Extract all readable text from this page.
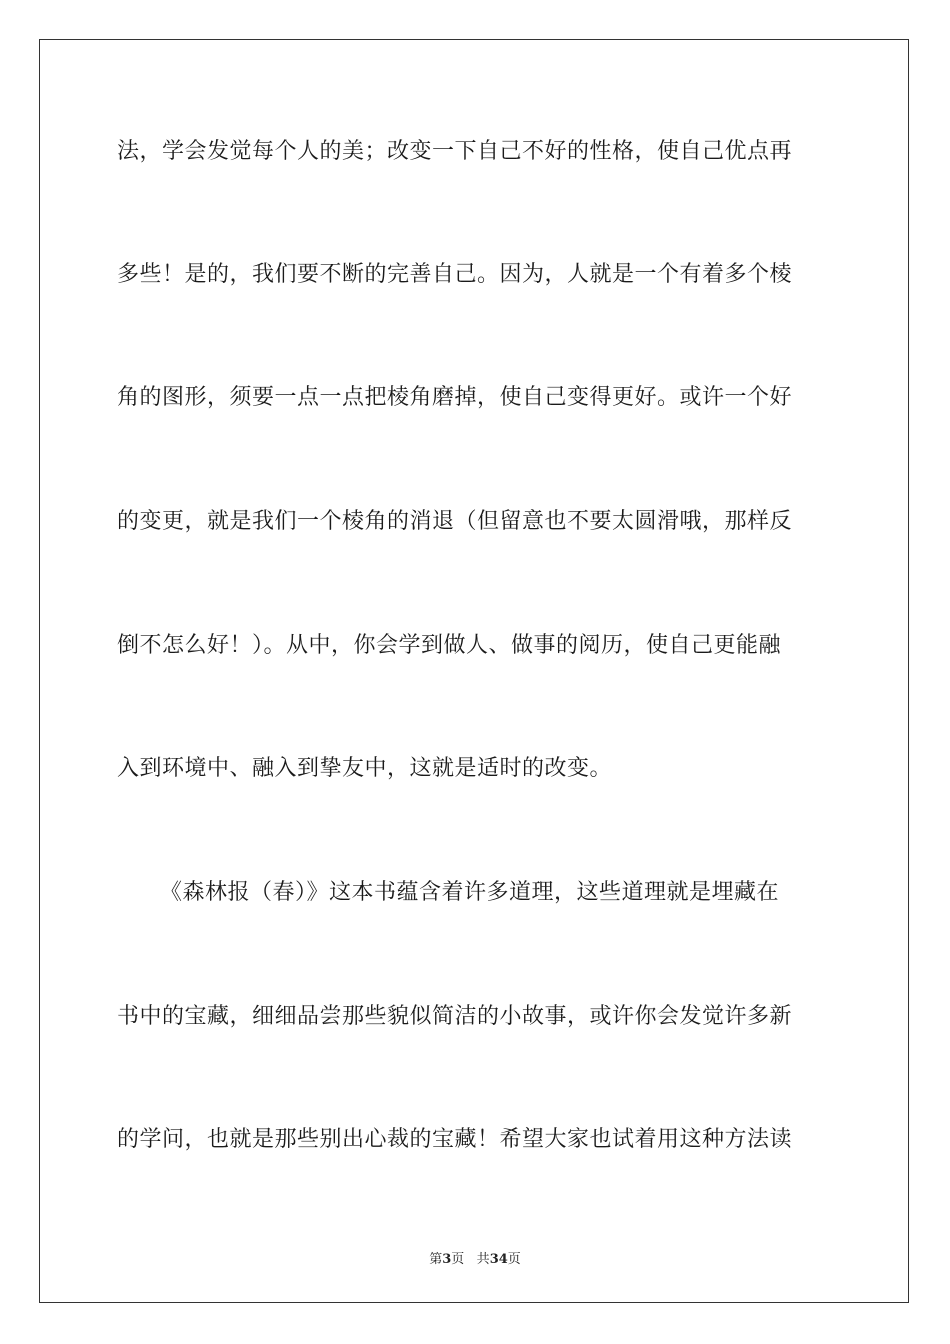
法，学会发觉每个人的美；改变一下自己不好的性格，使自己优点再
多些！是的，我们要不断的完善自己。因为，人就是一个有着多个棱
角的图形，须要一点一点把棱角磨掉，使自己变得更好。或许一个好
的变更，就是我们一个棱角的消退（但留意也不要太圆滑哦，那样反
倒不怎么好！）。从中，你会学到做人、做事的阅历，使自己更能融
入到环境中、融入到挚友中，这就是适时的改变。
《森林报（春）》这本书蕴含着许多道理，这些道理就是埋藏在
书中的宝藏，细细品尝那些貌似简洁的小故事，或许你会发觉许多新
的学问，也就是那些别出心裁的宝藏！希望大家也试着用这种方法读
第3页 共34页
